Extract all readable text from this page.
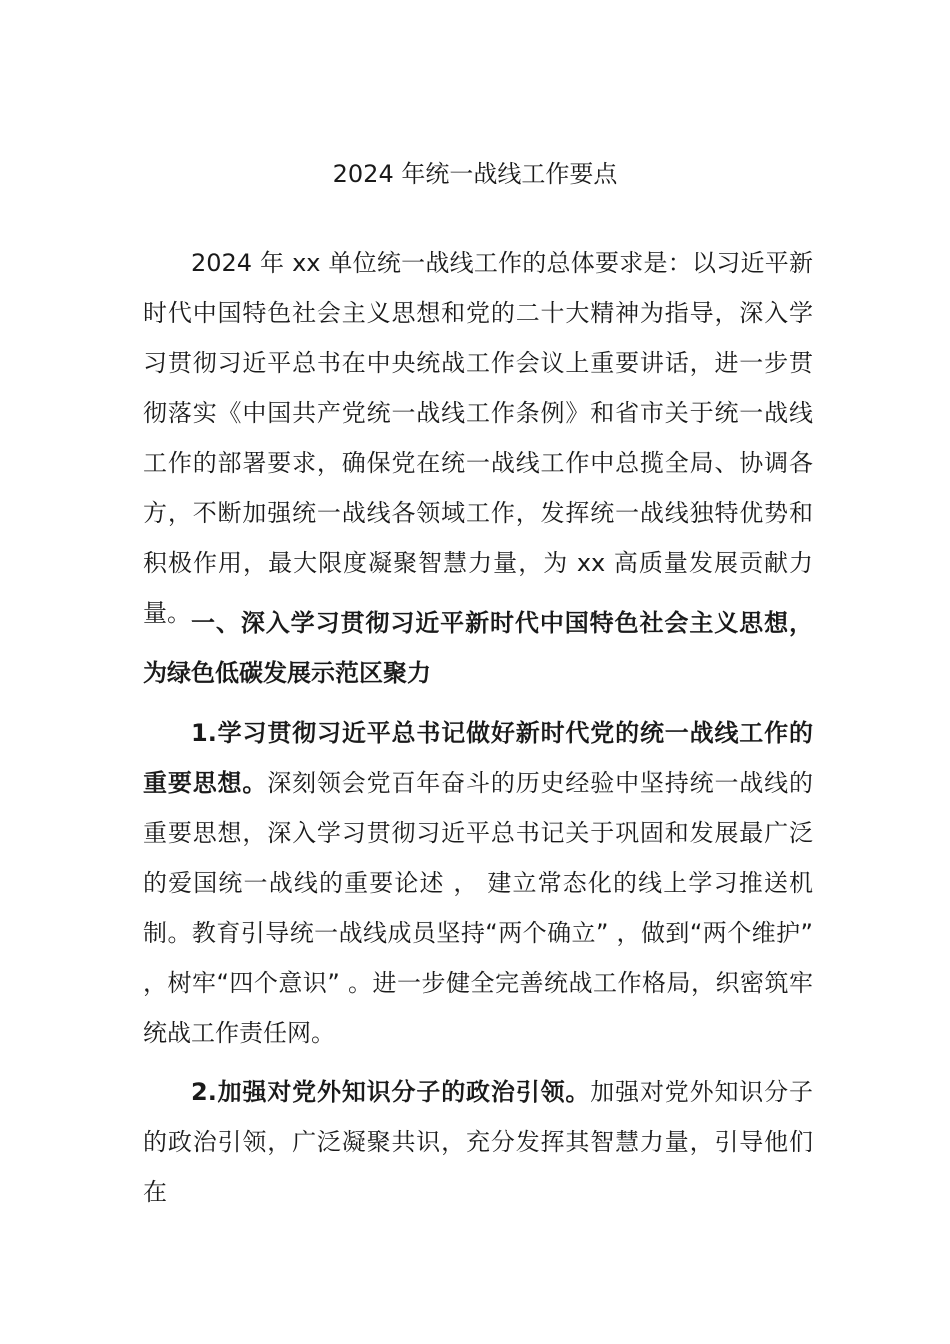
2024 年统一战线工作要点

2024 年 xx 单位统一战线工作的总体要求是：以习近平新时代中国特色社会主义思想和党的二十大精神为指导，深入学习贯彻习近平总书在中央统战工作会议上重要讲话，进一步贯彻落实《中国共产党统一战线工作条例》和省市关于统一战线工作的部署要求，确保党在统一战线工作中总揽全局、协调各方，不断加强统一战线各领域工作，发挥统一战线独特优势和积极作用，最大限度凝聚智慧力量，为 xx 高质量发展贡献力量。 一、深入学习贯彻习近平新时代中国特色社会主义思想，为绿色低碳发展示范区聚力

1.学习贯彻习近平总书记做好新时代党的统一战线工作的重要思想。深刻领会党百年奋斗的历史经验中坚持统一战线的重要思想，深入学习贯彻习近平总书记关于巩固和发展最广泛的爱国统一战线的重要论述 ， 建立常态化的线上学习推送机制。教育引导统一战线成员坚持“两个确立” ，做到“两个维护” ，树牢“四个意识” 。进一步健全完善统战工作格局，织密筑牢统战工作责任网。

2.加强对党外知识分子的政治引领。加强对党外知识分子的政治引领，广泛凝聚共识，充分发挥其智慧力量，引导他们在
